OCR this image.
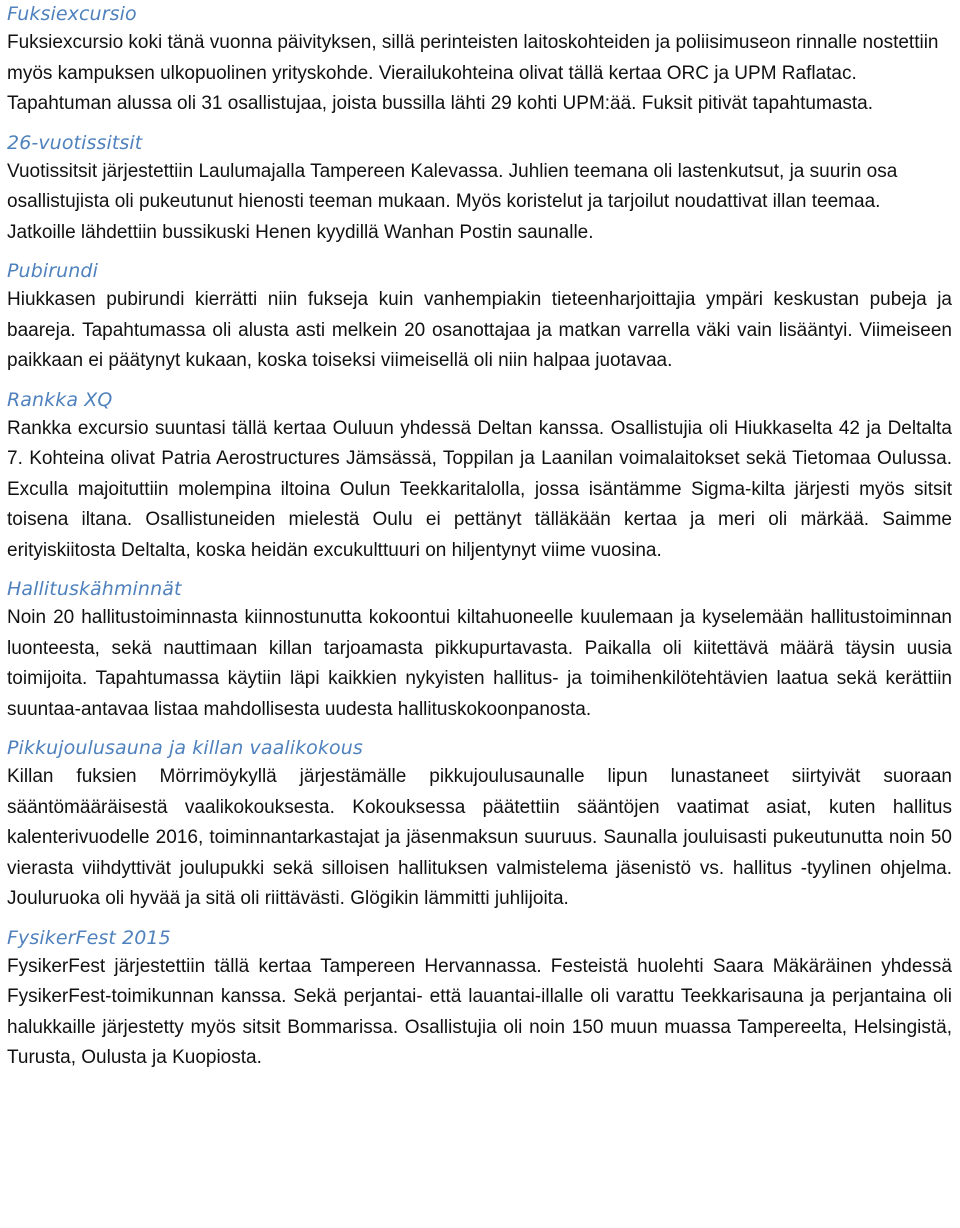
Fuksiexcursio

Fuksiexcursio koki tänä vuonna päivityksen, sillä perinteisten laitoskohteiden ja poliisimuseon rinnalle nostettiin myös kampuksen ulkopuolinen yrityskohde. Vierailukohteina olivat tällä kertaa ORC ja UPM Raflatac. Tapahtuman alussa oli 31 osallistujaa, joista bussilla lähti 29 kohti UPM:ää. Fuksit pitivät tapahtumasta.

26-vuotissitsit

Vuotissitsit järjestettiin Laulumajalla Tampereen Kalevassa. Juhlien teemana oli lastenkutsut, ja suurin osa osallistujista oli pukeutunut hienosti teeman mukaan. Myös koristelut ja tarjoilut noudattivat illan teemaa. Jatkoille lähdettiin bussikuski Henen kyydillä Wanhan Postin saunalle.

Pubirundi

Hiukkasen pubirundi kierrätti niin fukseja kuin vanhempiakin tieteenharjoittajia ympäri keskustan pubeja ja baareja. Tapahtumassa oli alusta asti melkein 20 osanottajaa ja matkan varrella väki vain lisääntyi. Viimeiseen paikkaan ei päätynyt kukaan, koska toiseksi viimeisellä oli niin halpaa juotavaa.

Rankka XQ

Rankka excursio suuntasi tällä kertaa Ouluun yhdessä Deltan kanssa. Osallistujia oli Hiukkaselta 42 ja Deltalta 7. Kohteina olivat Patria Aerostructures Jämsässä, Toppilan ja Laanilan voimalaitokset sekä Tietomaa Oulussa. Exculla majoituttiin molempina iltoina Oulun Teekkaritalolla, jossa isäntämme Sigma-kilta järjesti myös sitsit toisena iltana. Osallistuneiden mielestä Oulu ei pettänyt tälläkään kertaa ja meri oli märkää. Saimme erityiskiitosta Deltalta, koska heidän excukulttuuri on hiljentynyt viime vuosina.

Hallituskähminnät

Noin 20 hallitustoiminnasta kiinnostunutta kokoontui kiltahuoneelle kuulemaan ja kyselemään hallitustoiminnan luonteesta, sekä nauttimaan killan tarjoamasta pikkupurtavasta. Paikalla oli kiitettävä määrä täysin uusia toimijoita. Tapahtumassa käytiin läpi kaikkien nykyisten hallitus- ja toimihenkilötehtävien laatua sekä kerättiin suuntaa-antavaa listaa mahdollisesta uudesta hallituskokoonpanosta.

Pikkujoulusauna ja killan vaalikokous

Killan fuksien Mörrimöykyllä järjestämälle pikkujoulusaunalle lipun lunastaneet siirtyivät suoraan sääntömääräisestä vaalikokouksesta. Kokouksessa päätettiin sääntöjen vaatimat asiat, kuten hallitus kalenterivuodelle 2016, toiminnantarkastajat ja jäsenmaksun suuruus. Saunalla jouluisasti pukeutunutta noin 50 vierasta viihdyttivät joulupukki sekä silloisen hallituksen valmistelema jäsenistö vs. hallitus -tyylinen ohjelma. Jouluruoka oli hyvää ja sitä oli riittävästi. Glögikin lämmitti juhlijoita.

FysikerFest 2015

FysikerFest järjestettiin tällä kertaa Tampereen Hervannassa. Festeistä huolehti Saara Mäkäräinen yhdessä FysikerFest-toimikunnan kanssa. Sekä perjantai- että lauantai-illalle oli varattu Teekkarisauna ja perjantaina oli halukkaille järjestetty myös sitsit Bommarissa. Osallistujia oli noin 150 muun muassa Tampereelta, Helsingistä, Turusta, Oulusta ja Kuopiosta.
